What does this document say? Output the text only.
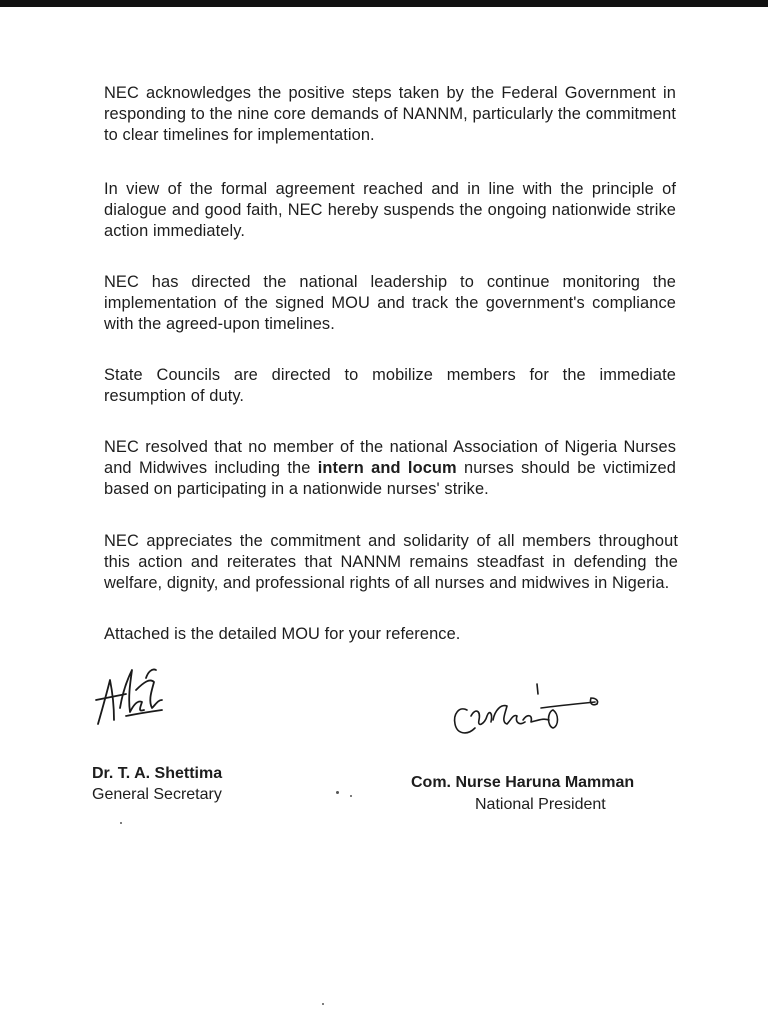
NEC acknowledges the positive steps taken by the Federal Government in responding to the nine core demands of NANNM, particularly the commitment to clear timelines for implementation.

In view of the formal agreement reached and in line with the principle of dialogue and good faith, NEC hereby suspends the ongoing nationwide strike action immediately.

NEC has directed the national leadership to continue monitoring the implementation of the signed MOU and track the government's compliance with the agreed-upon timelines.

State Councils are directed to mobilize members for the immediate resumption of duty.

NEC resolved that no member of the national Association of Nigeria Nurses and Midwives including the intern and locum nurses should be victimized based on participating in a nationwide nurses' strike.

NEC appreciates the commitment and solidarity of all members throughout this action and reiterates that NANNM remains steadfast in defending the welfare, dignity, and professional rights of all nurses and midwives in Nigeria.

Attached is the detailed MOU for your reference.

Dr. T. A. Shettima

General Secretary

Com. Nurse Haruna Mamman

National President
